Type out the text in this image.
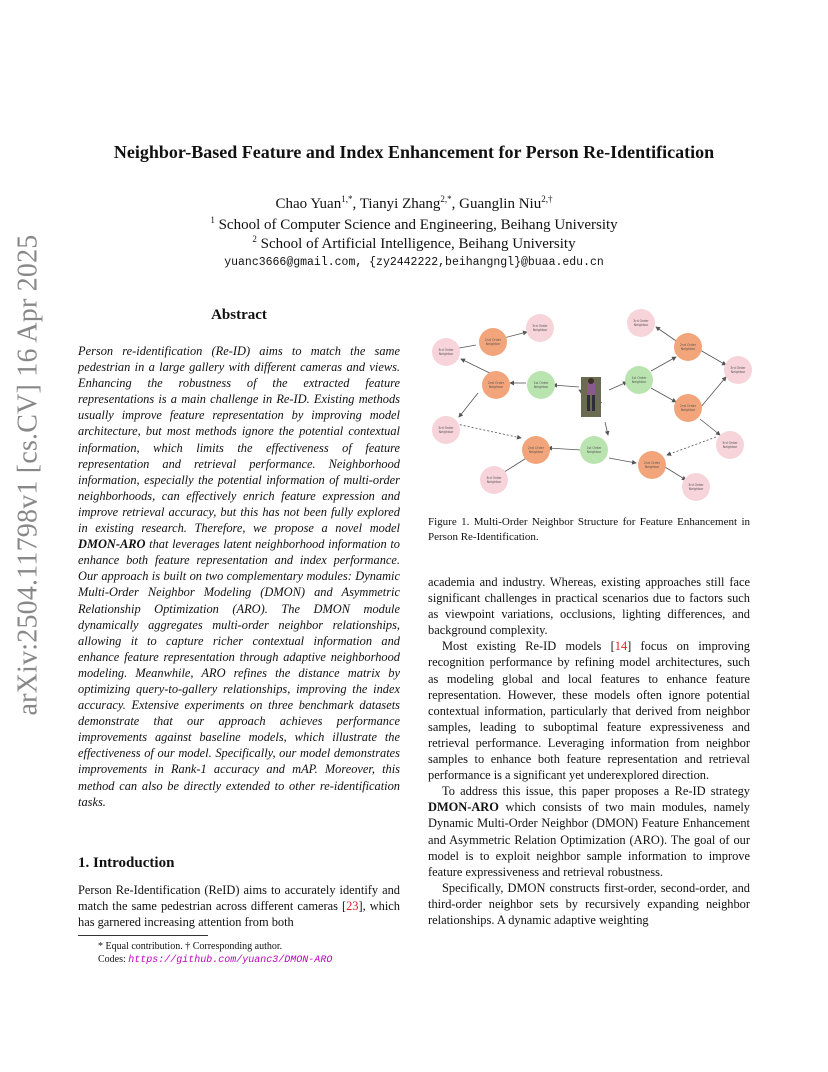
arXiv:2504.11798v1 [cs.CV] 16 Apr 2025
Neighbor-Based Feature and Index Enhancement for Person Re-Identification
Chao Yuan$^{1,*}$, Tianyi Zhang$^{2,*}$, Guanglin Niu$^{2,\dagger}$
$^1$ School of Computer Science and Engineering, Beihang University
$^2$ School of Artificial Intelligence, Beihang University
yuanc3666@gmail.com, {zy2442222,beihangngl}@buaa.edu.cn
Abstract
Person re-identification (Re-ID) aims to match the same pedestrian in a large gallery with different cameras and views. Enhancing the robustness of the extracted feature representations is a main challenge in Re-ID. Existing methods usually improve feature representation by improving model architecture, but most methods ignore the potential contextual information, which limits the effectiveness of feature representation and retrieval performance. Neighborhood information, especially the potential information of multi-order neighborhoods, can effectively enrich feature expression and improve retrieval accuracy, but this has not been fully explored in existing research. Therefore, we propose a novel model DMON-ARO that leverages latent neighborhood information to enhance both feature representation and index performance. Our approach is built on two complementary modules: Dynamic Multi-Order Neighbor Modeling (DMON) and Asymmetric Relationship Optimization (ARO). The DMON module dynamically aggregates multi-order neighbor relationships, allowing it to capture richer contextual information and enhance feature representation through adaptive neighborhood modeling. Meanwhile, ARO refines the distance matrix by optimizing query-to-gallery relationships, improving the index accuracy. Extensive experiments on three benchmark datasets demonstrate that our approach achieves performance improvements against baseline models, which illustrate the effectiveness of our model. Specifically, our model demonstrates improvements in Rank-1 accuracy and mAP. Moreover, this method can also be directly extended to other re-identification tasks.
1. Introduction
Person Re-Identification (ReID) aims to accurately identify and match the same pedestrian across different cameras [23], which has garnered increasing attention from both
* Equal contribution. † Corresponding author.
Codes: https://github.com/yuanc3/DMON-ARO
3rd Order
Neighbor
2nd Order
Neighbor
3rd Order
Neighbor
2nd Order
Neighbor
1st Order
Neighbor
3rd Order
Neighbor
2nd Order
Neighbor
3rd Order
Neighbor
1st Order
Neighbor
1st Order
Neighbor
2nd Order
Neighbor
3rd Order
Neighbor
3rd Order
Neighbor
2nd Order
Neighbor
3rd Order
Neighbor
2nd Order
Neighbor
3rd Order
Neighbor
Figure 1. Multi-Order Neighbor Structure for Feature Enhancement in Person Re-Identification.

academia and industry. Whereas, existing approaches still face significant challenges in practical scenarios due to factors such as viewpoint variations, occlusions, lighting differences, and background complexity.

Most existing Re-ID models [14] focus on improving recognition performance by refining model architectures, such as modeling global and local features to enhance feature representation. However, these models often ignore potential contextual information, particularly that derived from neighbor samples, leading to suboptimal feature expressiveness and retrieval performance. Leveraging information from neighbor samples to enhance both feature representation and retrieval performance is a significant yet underexplored direction.

To address this issue, this paper proposes a Re-ID strategy DMON-ARO which consists of two main modules, namely Dynamic Multi-Order Neighbor (DMON) Feature Enhancement and Asymmetric Relation Optimization (ARO). The goal of our model is to exploit neighbor sample information to improve feature expressiveness and retrieval robustness.

Specifically, DMON constructs first-order, second-order, and third-order neighbor sets by recursively expanding neighbor relationships. A dynamic adaptive weighting
